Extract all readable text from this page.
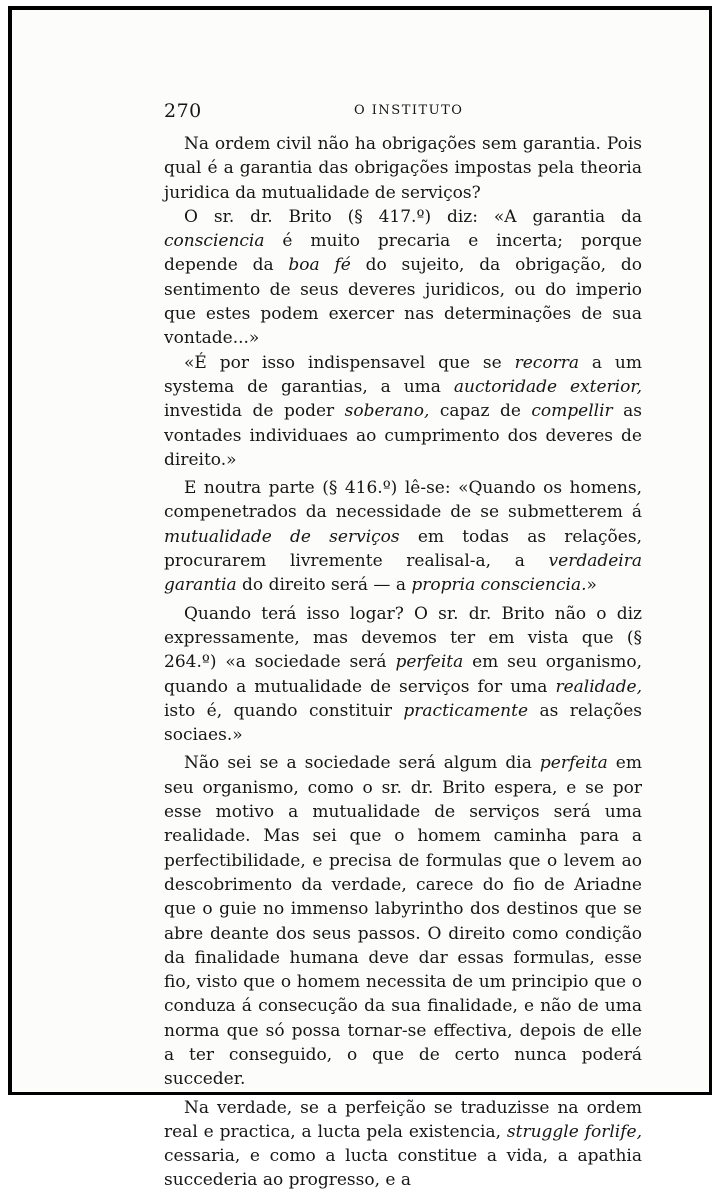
270	O INSTITUTO

Na ordem civil não ha obrigações sem garantia. Pois qual é a garantia das obrigações impostas pela theoria juridica da mutualidade de serviços?

O sr. dr. Brito (§ 417.º) diz: «A garantia da consciencia é muito precaria e incerta; porque depende da boa fé do sujeito, da obrigação, do sentimento de seus deveres juridicos, ou do imperio que estes podem exercer nas determinações de sua vontade...»

«É por isso indispensavel que se recorra a um systema de garantias, a uma auctoridade exterior, investida de poder soberano, capaz de compellir as vontades individuaes ao cumprimento dos deveres de direito.»

E noutra parte (§ 416.º) lê-se: «Quando os homens, compenetrados da necessidade de se submetterem á mutualidade de serviços em todas as relações, procurarem livremente realisal-a, a verdadeira garantia do direito será — a propria consciencia.»

Quando terá isso logar? O sr. dr. Brito não o diz expressamente, mas devemos ter em vista que (§ 264.º) «a sociedade será perfeita em seu organismo, quando a mutualidade de serviços for uma realidade, isto é, quando constituir practicamente as relações sociaes.»

Não sei se a sociedade será algum dia perfeita em seu organismo, como o sr. dr. Brito espera, e se por esse motivo a mutualidade de serviços será uma realidade. Mas sei que o homem caminha para a perfectibilidade, e precisa de formulas que o levem ao descobrimento da verdade, carece do fio de Ariadne que o guie no immenso labyrintho dos destinos que se abre deante dos seus passos. O direito como condição da finalidade humana deve dar essas formulas, esse fio, visto que o homem necessita de um principio que o conduza á consecução da sua finalidade, e não de uma norma que só possa tornar-se effectiva, depois de elle a ter conseguido, o que de certo nunca poderá succeder.

Na verdade, se a perfeição se traduzisse na ordem real e practica, a lucta pela existencia, struggle forlife, cessaria, e como a lucta constitue a vida, a apathia succederia ao progresso, e a
